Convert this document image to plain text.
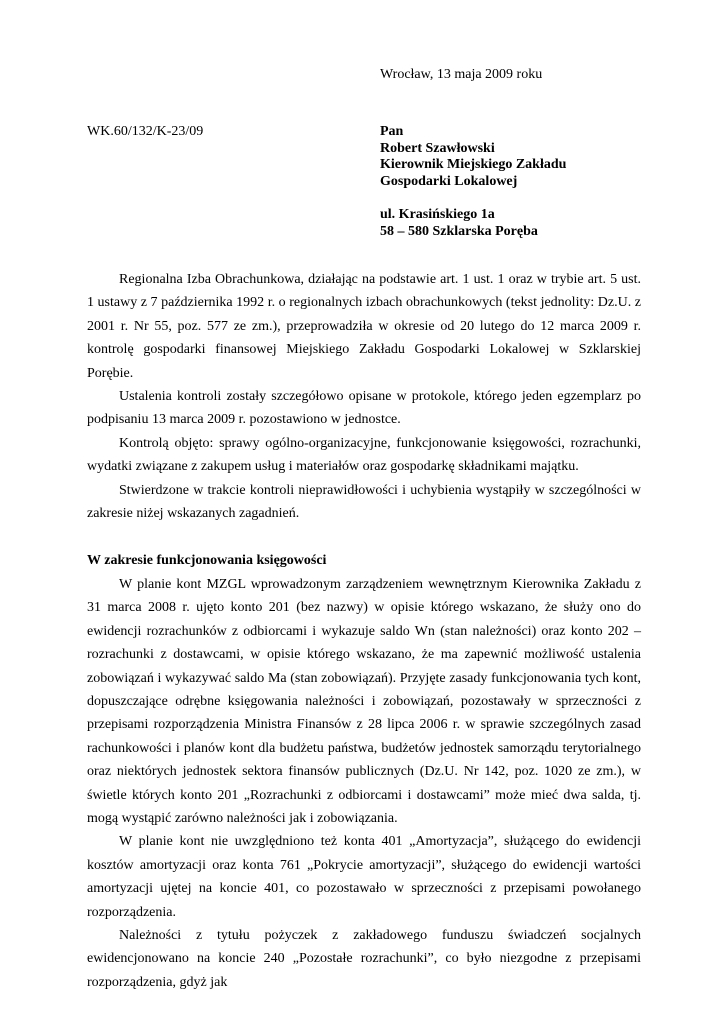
Wrocław, 13 maja 2009 roku
WK.60/132/K-23/09	Pan
Robert Szawłowski
Kierownik Miejskiego Zakładu
Gospodarki Lokalowej
ul. Krasińskiego 1a
58 – 580 Szklarska Poręba

Regionalna Izba Obrachunkowa, działając na podstawie art. 1 ust. 1 oraz w trybie art. 5 ust. 1 ustawy z 7 października 1992 r. o regionalnych izbach obrachunkowych (tekst jednolity: Dz.U. z 2001 r. Nr 55, poz. 577 ze zm.), przeprowadziła w okresie od 20 lutego do 12 marca 2009 r. kontrolę gospodarki finansowej Miejskiego Zakładu Gospodarki Lokalowej w Szklarskiej Porębie.

Ustalenia kontroli zostały szczegółowo opisane w protokole, którego jeden egzemplarz po podpisaniu 13 marca 2009 r. pozostawiono w jednostce.

Kontrolą objęto: sprawy ogólno-organizacyjne, funkcjonowanie księgowości, rozrachunki, wydatki związane z zakupem usług i materiałów oraz gospodarkę składnikami majątku.

Stwierdzone w trakcie kontroli nieprawidłowości i uchybienia wystąpiły w szczególności w zakresie niżej wskazanych zagadnień.

W zakresie funkcjonowania księgowości

W planie kont MZGL wprowadzonym zarządzeniem wewnętrznym Kierownika Zakładu z 31 marca 2008 r. ujęto konto 201 (bez nazwy) w opisie którego wskazano, że służy ono do ewidencji rozrachunków z odbiorcami i wykazuje saldo Wn (stan należności) oraz konto 202 – rozrachunki z dostawcami, w opisie którego wskazano, że ma zapewnić możliwość ustalenia zobowiązań i wykazywać saldo Ma (stan zobowiązań). Przyjęte zasady funkcjonowania tych kont, dopuszczające odrębne księgowania należności i zobowiązań, pozostawały w sprzeczności z przepisami rozporządzenia Ministra Finansów z 28 lipca 2006 r. w sprawie szczególnych zasad rachunkowości i planów kont dla budżetu państwa, budżetów jednostek samorządu terytorialnego oraz niektórych jednostek sektora finansów publicznych (Dz.U. Nr 142, poz. 1020 ze zm.), w świetle których konto 201 „Rozrachunki z odbiorcami i dostawcami” może mieć dwa salda, tj. mogą wystąpić zarówno należności jak i zobowiązania.

W planie kont nie uwzględniono też konta 401 „Amortyzacja”, służącego do ewidencji kosztów amortyzacji oraz konta 761 „Pokrycie amortyzacji”, służącego do ewidencji wartości amortyzacji ujętej na koncie 401, co pozostawało w sprzeczności z przepisami powołanego rozporządzenia.

Należności z tytułu pożyczek z zakładowego funduszu świadczeń socjalnych ewidencjonowano na koncie 240 „Pozostałe rozrachunki”, co było niezgodne z przepisami rozporządzenia, gdyż jak
